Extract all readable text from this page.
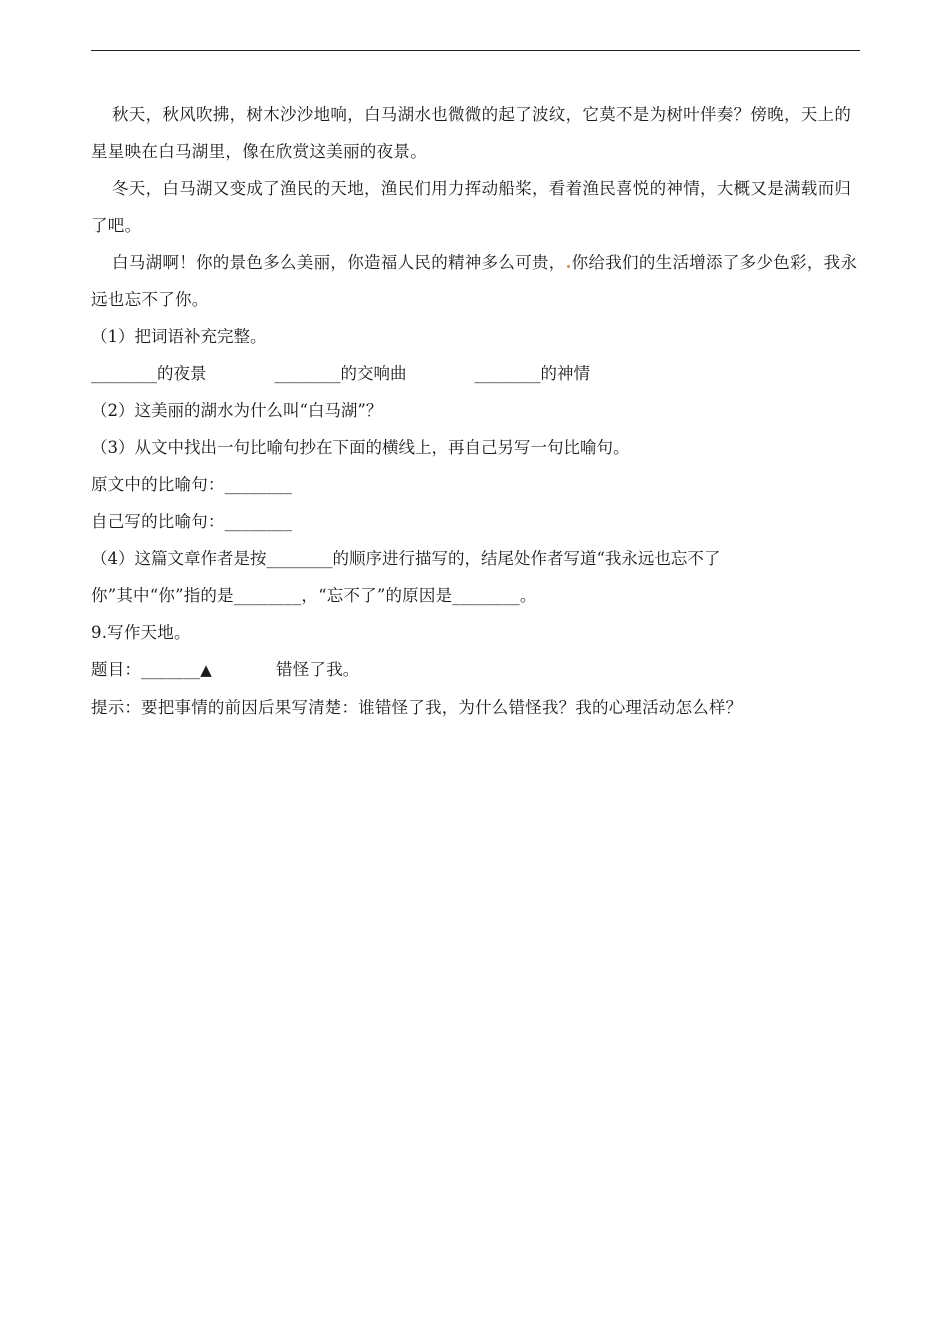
秋天，秋风吹拂，树木沙沙地响，白马湖水也微微的起了波纹，它莫不是为树叶伴奏？傍晚，天上的星星映在白马湖里，像在欣赏这美丽的夜景。

冬天，白马湖又变成了渔民的天地，渔民们用力挥动船桨，看着渔民喜悦的神情，大概又是满载而归了吧。

白马湖啊！你的景色多么美丽，你造福人民的精神多么可贵，.你给我们的生活增添了多少色彩，我永远也忘不了你。

（1）把词语补充完整。

________的夜景	________的交响曲	________的神情

（2）这美丽的湖水为什么叫“白马湖”？

（3）从文中找出一句比喻句抄在下面的横线上，再自己另写一句比喻句。

原文中的比喻句：________

自己写的比喻句：________

（4）这篇文章作者是按________的顺序进行描写的，结尾处作者写道“我永远也忘不了

你”其中“你”指的是________，“忘不了”的原因是________。

9.写作天地。

题目：_______▲	错怪了我。

提示：要把事情的前因后果写清楚：谁错怪了我，为什么错怪我？我的心理活动怎么样？
